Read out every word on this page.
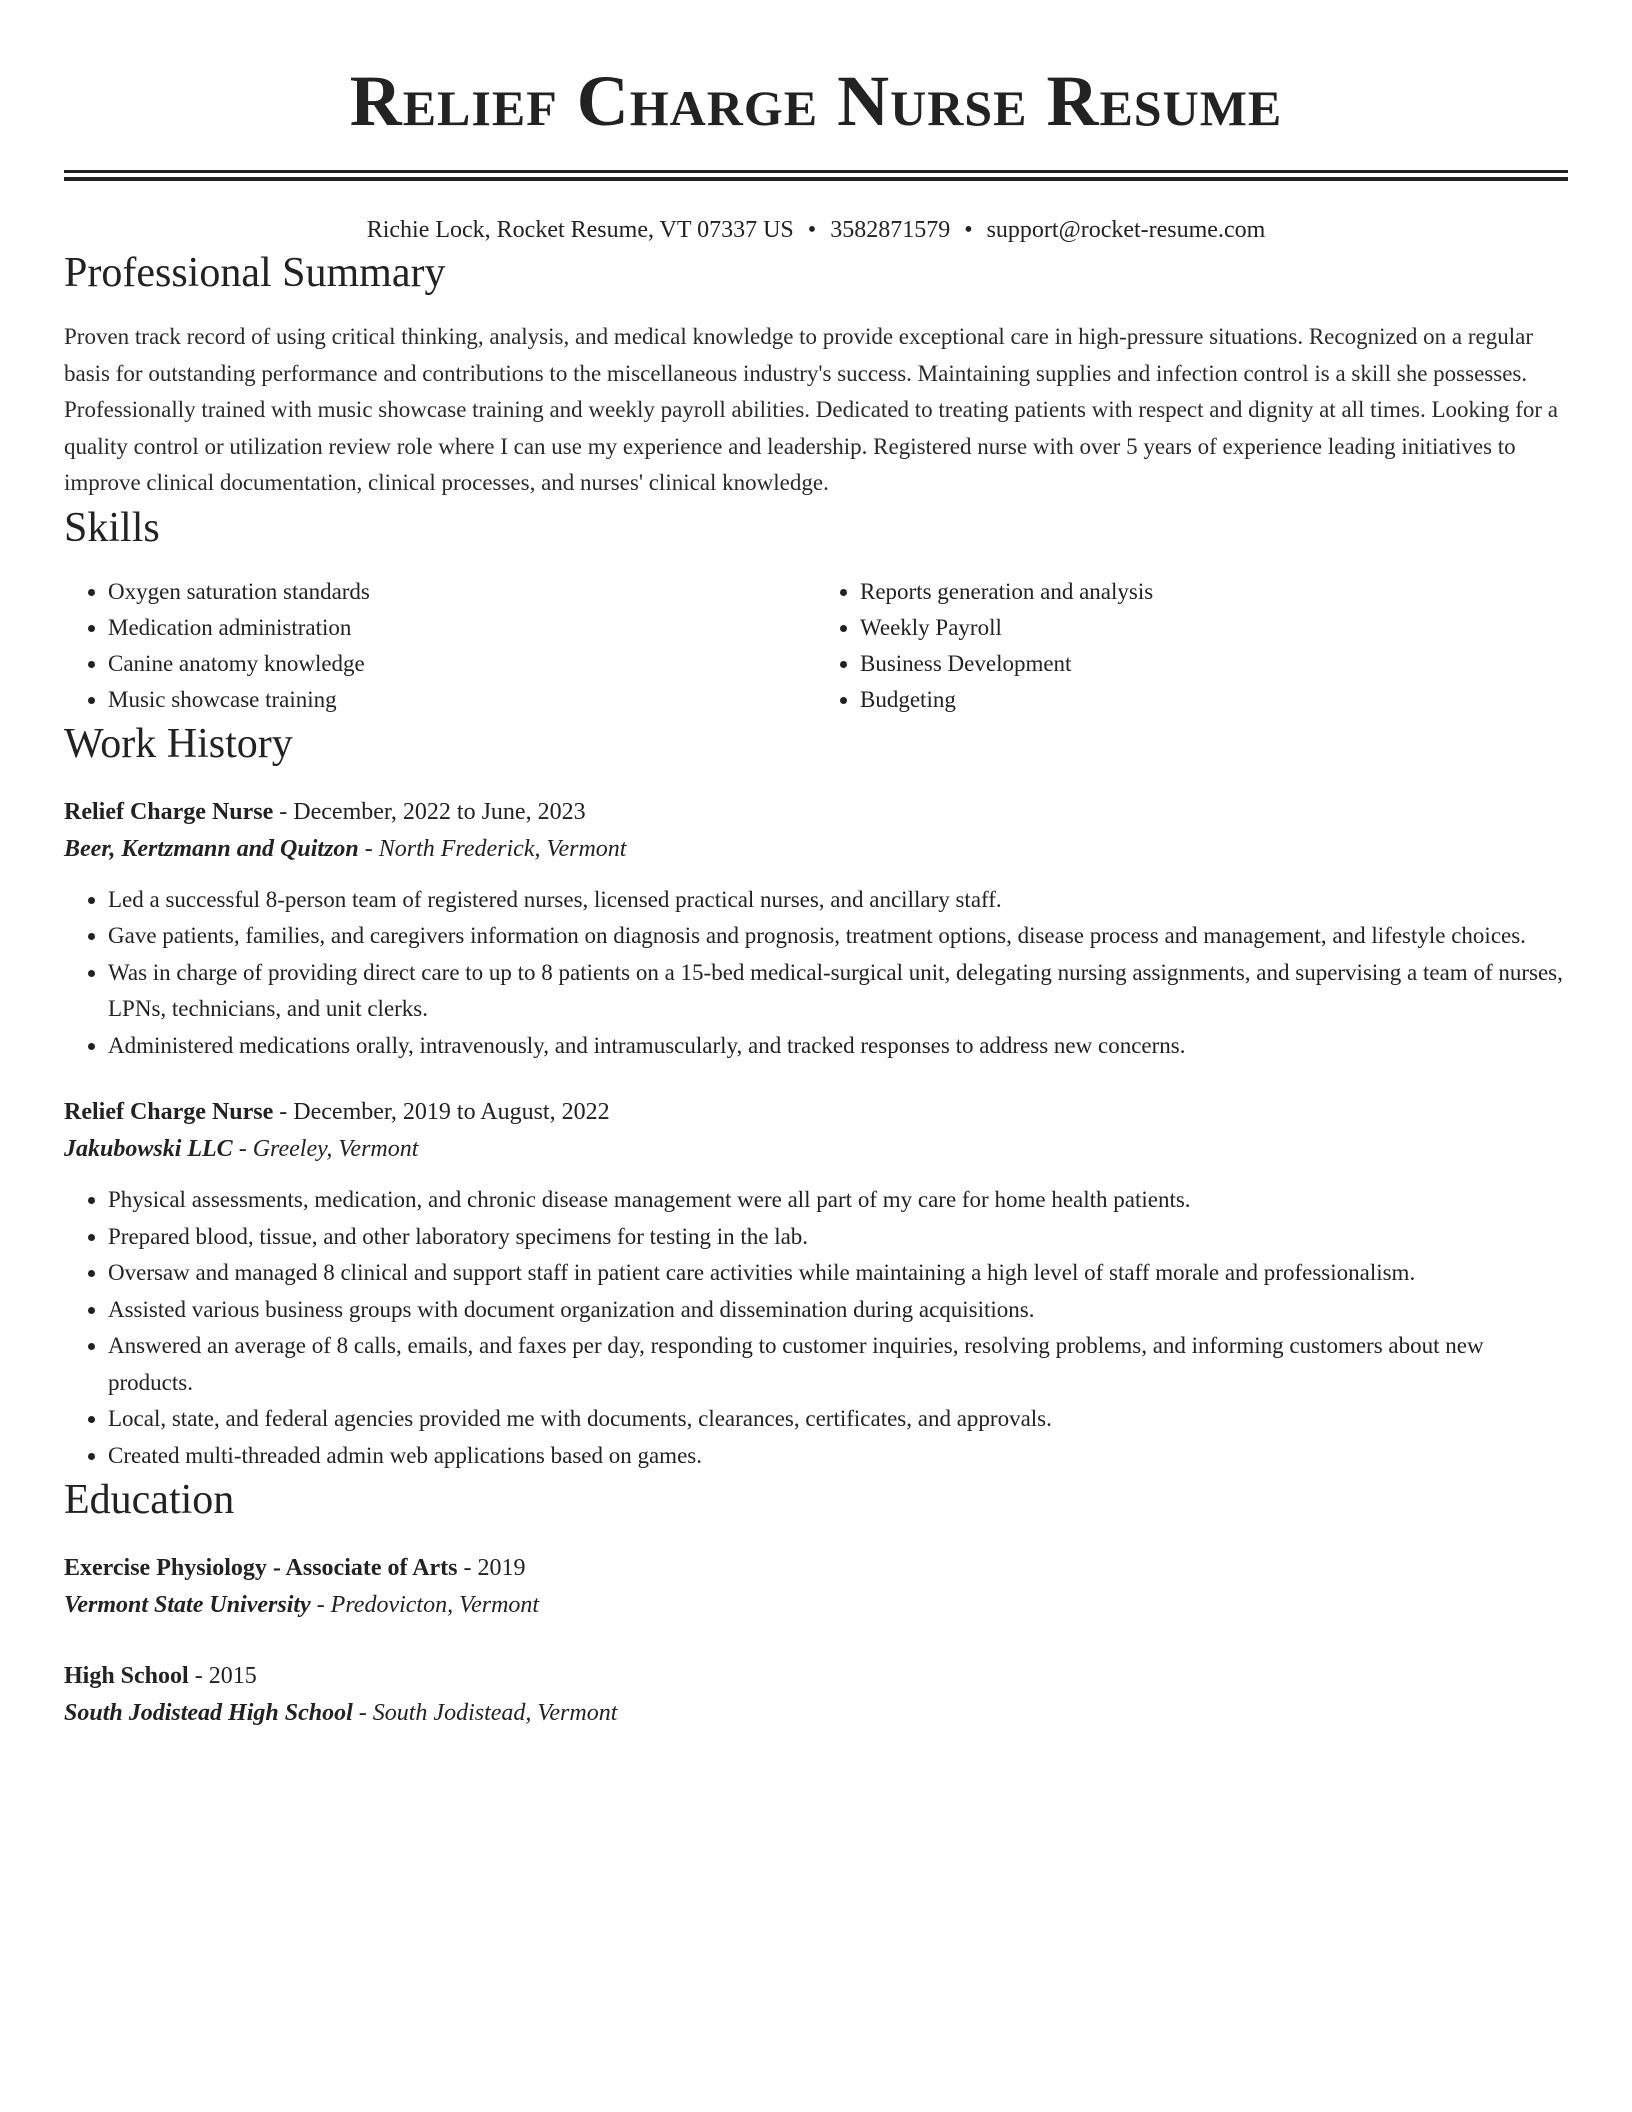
Relief Charge Nurse Resume
Richie Lock, Rocket Resume, VT 07337 US • 3582871579 • support@rocket-resume.com
Professional Summary
Proven track record of using critical thinking, analysis, and medical knowledge to provide exceptional care in high-pressure situations. Recognized on a regular basis for outstanding performance and contributions to the miscellaneous industry's success. Maintaining supplies and infection control is a skill she possesses. Professionally trained with music showcase training and weekly payroll abilities. Dedicated to treating patients with respect and dignity at all times. Looking for a quality control or utilization review role where I can use my experience and leadership. Registered nurse with over 5 years of experience leading initiatives to improve clinical documentation, clinical processes, and nurses' clinical knowledge.
Skills
• Oxygen saturation standards
• Medication administration
• Canine anatomy knowledge
• Music showcase training
• Reports generation and analysis
• Weekly Payroll
• Business Development
• Budgeting
Work History
Relief Charge Nurse - December, 2022 to June, 2023
Beer, Kertzmann and Quitzon - North Frederick, Vermont
• Led a successful 8-person team of registered nurses, licensed practical nurses, and ancillary staff.
• Gave patients, families, and caregivers information on diagnosis and prognosis, treatment options, disease process and management, and lifestyle choices.
• Was in charge of providing direct care to up to 8 patients on a 15-bed medical-surgical unit, delegating nursing assignments, and supervising a team of nurses, LPNs, technicians, and unit clerks.
• Administered medications orally, intravenously, and intramuscularly, and tracked responses to address new concerns.
Relief Charge Nurse - December, 2019 to August, 2022
Jakubowski LLC - Greeley, Vermont
• Physical assessments, medication, and chronic disease management were all part of my care for home health patients.
• Prepared blood, tissue, and other laboratory specimens for testing in the lab.
• Oversaw and managed 8 clinical and support staff in patient care activities while maintaining a high level of staff morale and professionalism.
• Assisted various business groups with document organization and dissemination during acquisitions.
• Answered an average of 8 calls, emails, and faxes per day, responding to customer inquiries, resolving problems, and informing customers about new products.
• Local, state, and federal agencies provided me with documents, clearances, certificates, and approvals.
• Created multi-threaded admin web applications based on games.
Education
Exercise Physiology - Associate of Arts - 2019
Vermont State University - Predovicton, Vermont
High School - 2015
South Jodistead High School - South Jodistead, Vermont
